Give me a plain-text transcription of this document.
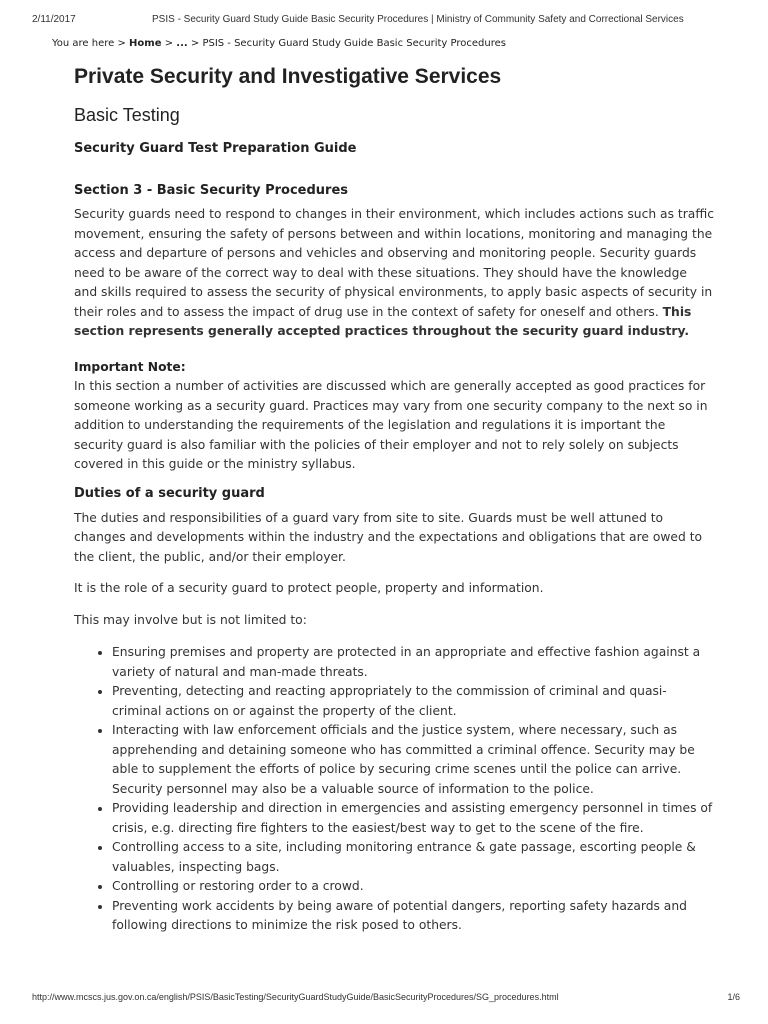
2/11/2017	PSIS - Security Guard Study Guide Basic Security Procedures | Ministry of Community Safety and Correctional Services
You are here > Home > ... > PSIS - Security Guard Study Guide Basic Security Procedures
Private Security and Investigative Services
Basic Testing
Security Guard Test Preparation Guide
Section 3 - Basic Security Procedures

Security guards need to respond to changes in their environment, which includes actions such as traffic movement, ensuring the safety of persons between and within locations, monitoring and managing the access and departure of persons and vehicles and observing and monitoring people. Security guards need to be aware of the correct way to deal with these situations. They should have the knowledge and skills required to assess the security of physical environments, to apply basic aspects of security in their roles and to assess the impact of drug use in the context of safety for oneself and others. This section represents generally accepted practices throughout the security guard industry.

Important Note:

In this section a number of activities are discussed which are generally accepted as good practices for someone working as a security guard. Practices may vary from one security company to the next so in addition to understanding the requirements of the legislation and regulations it is important the security guard is also familiar with the policies of their employer and not to rely solely on subjects covered in this guide or the ministry syllabus.

Duties of a security guard

The duties and responsibilities of a guard vary from site to site. Guards must be well attuned to changes and developments within the industry and the expectations and obligations that are owed to the client, the public, and/or their employer.

It is the role of a security guard to protect people, property and information.

This may involve but is not limited to:

• Ensuring premises and property are protected in an appropriate and effective fashion against a variety of natural and man-made threats.
• Preventing, detecting and reacting appropriately to the commission of criminal and quasi-criminal actions on or against the property of the client.
• Interacting with law enforcement officials and the justice system, where necessary, such as apprehending and detaining someone who has committed a criminal offence. Security may be able to supplement the efforts of police by securing crime scenes until the police can arrive. Security personnel may also be a valuable source of information to the police.
• Providing leadership and direction in emergencies and assisting emergency personnel in times of crisis, e.g. directing fire fighters to the easiest/best way to get to the scene of the fire.
• Controlling access to a site, including monitoring entrance & gate passage, escorting people & valuables, inspecting bags.
• Controlling or restoring order to a crowd.
• Preventing work accidents by being aware of potential dangers, reporting safety hazards and following directions to minimize the risk posed to others.
http://www.mcscs.jus.gov.on.ca/english/PSIS/BasicTesting/SecurityGuardStudyGuide/BasicSecurityProcedures/SG_procedures.html	1/6
